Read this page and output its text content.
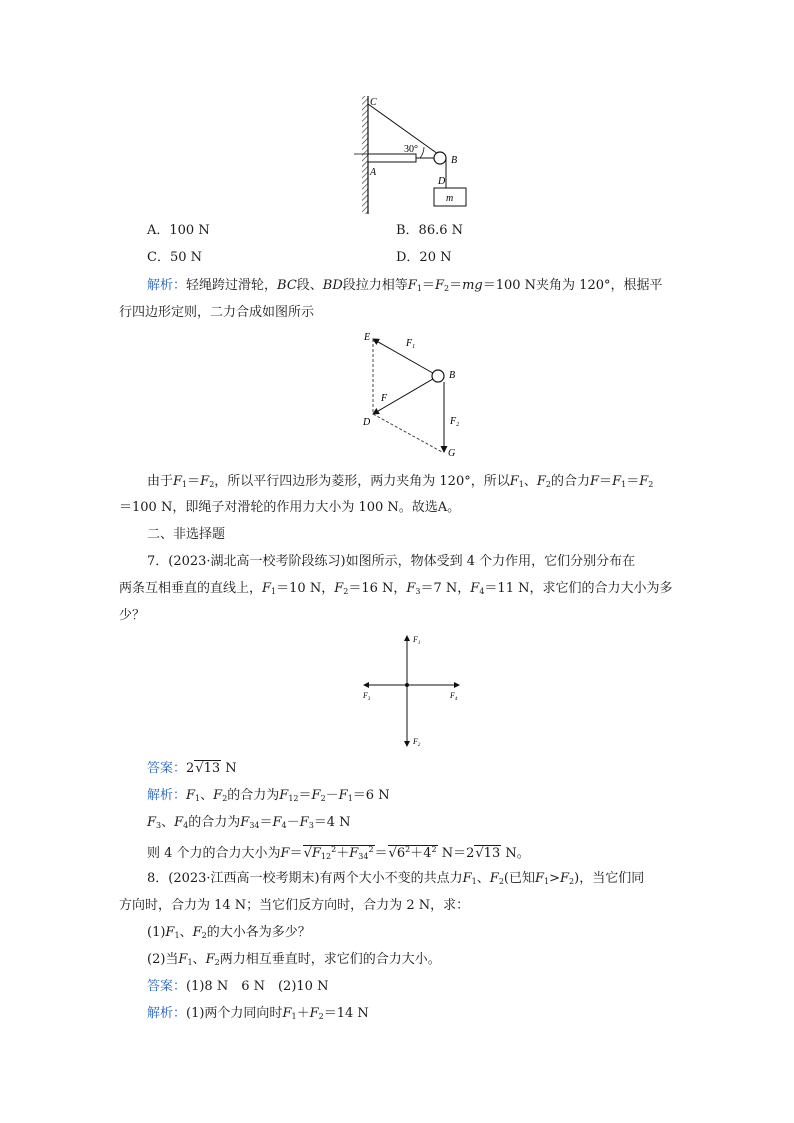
C
A
B
D
30°
m
A．100 N	B．86.6 N
C．50 N	D．20 N
解析：轻绳跨过滑轮，BC段、BD段拉力相等$F_1=F_2=mg=100$ N夹角为 120°，根据平
行四边形定则，二力合成如图所示
E
B
D
G
$F_1$
F
$F_2$
由于$F_1=F_2$，所以平行四边形为菱形，两力夹角为 120°，所以$F_1$、$F_2$的合力$F=F_1=F_2$
＝100 N，即绳子对滑轮的作用力大小为 100 N。故选A。
二、非选择题
7．(2023·湖北高一校考阶段练习)如图所示，物体受到 4 个力作用，它们分别分布在
两条互相垂直的直线上，$F_1=10$ N，$F_2=16$ N，$F_3=7$ N，$F_4=11$ N，求它们的合力大小为多
少？
$F_1$
$F_2$
$F_3$	$F_4$
答案：2√13 N
解析：$F_1$、$F_2$的合力为$F_{12}=F_2-F_1=6$ N
$F_3$、$F_4$的合力为$F_{34}=F_4-F_3=4$ N
则 4 个力的合力大小为$F=√F_{12}^2+F_{34}^2=√6^2+4^2$ N＝2√13 N。
8．(2023·江西高一校考期末)有两个大小不变的共点力$F_1$、$F_2$(已知$F_1>F_2$)，当它们同
方向时，合力为 14 N；当它们反方向时，合力为 2 N，求：
$(1)F_1$、$F_2$的大小各为多少？
(2)当$F_1$、$F_2$两力相互垂直时，求它们的合力大小。
答案：(1)8 N　6 N　(2)10 N
解析：(1)两个力同向时$F_1+F_2=14$ N
